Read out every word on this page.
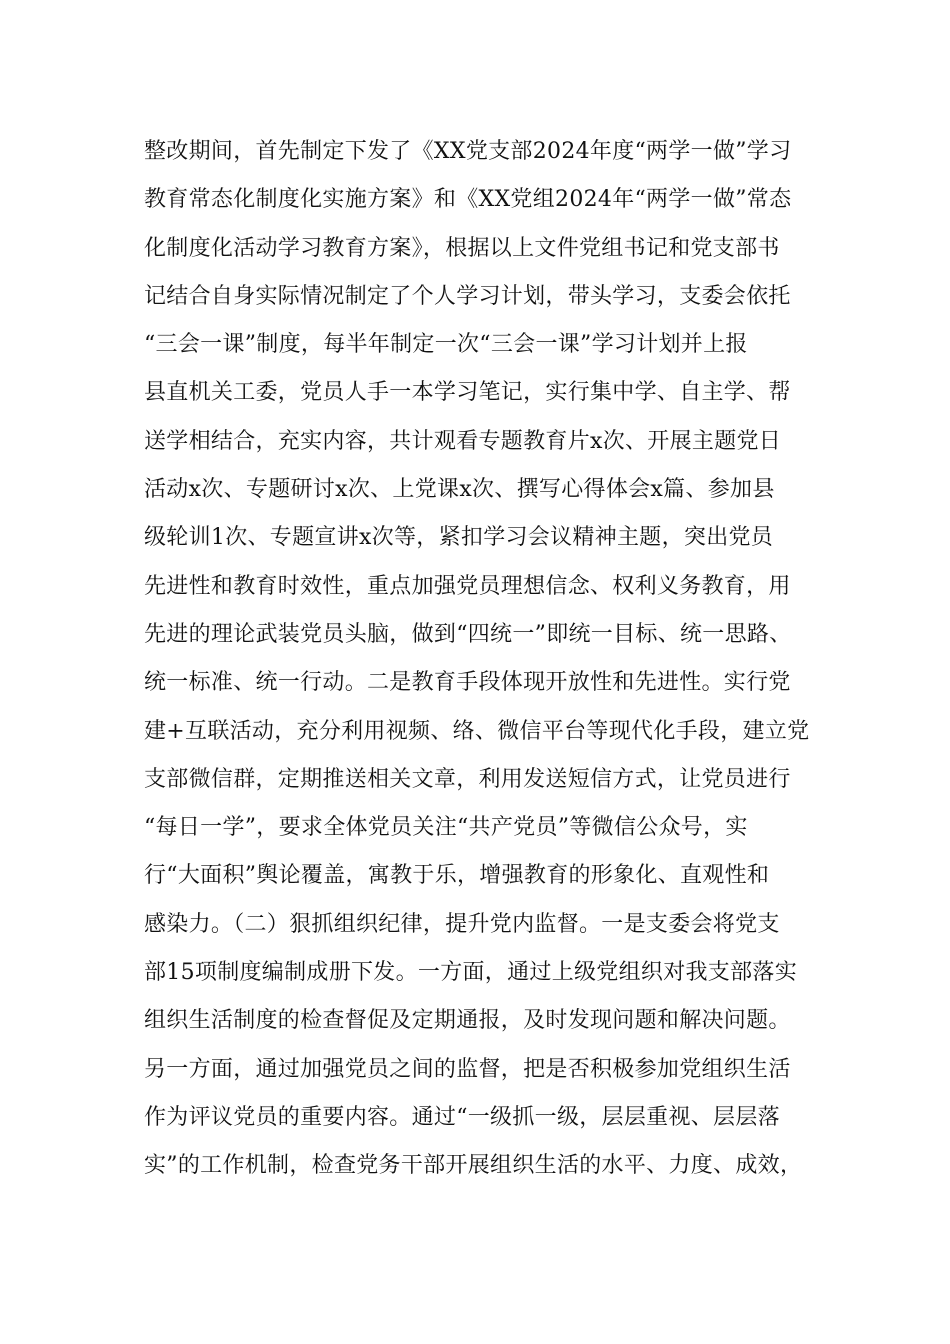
整改期间，首先制定下发了《XX党支部2024年度“两学一做”学习
教育常态化制度化实施方案》和《XX党组2024年“两学一做”常态
化制度化活动学习教育方案》，根据以上文件党组书记和党支部书
记结合自身实际情况制定了个人学习计划，带头学习，支委会依托
“三会一课”制度，每半年制定一次“三会一课”学习计划并上报
县直机关工委，党员人手一本学习笔记，实行集中学、自主学、帮
送学相结合，充实内容，共计观看专题教育片x次、开展主题党日
活动x次、专题研讨x次、上党课x次、撰写心得体会x篇、参加县
级轮训1次、专题宣讲x次等，紧扣学习会议精神主题，突出党员
先进性和教育时效性，重点加强党员理想信念、权利义务教育，用
先进的理论武装党员头脑，做到“四统一”即统一目标、统一思路、
统一标准、统一行动。二是教育手段体现开放性和先进性。实行党
建+互联活动，充分利用视频、络、微信平台等现代化手段，建立党
支部微信群，定期推送相关文章，利用发送短信方式，让党员进行
“每日一学”，要求全体党员关注“共产党员”等微信公众号，实
行“大面积”舆论覆盖，寓教于乐，增强教育的形象化、直观性和
感染力。（二）狠抓组织纪律，提升党内监督。一是支委会将党支
部15项制度编制成册下发。一方面，通过上级党组织对我支部落实
组织生活制度的检查督促及定期通报，及时发现问题和解决问题。
另一方面，通过加强党员之间的监督，把是否积极参加党组织生活
作为评议党员的重要内容。通过“一级抓一级，层层重视、层层落
实”的工作机制，检查党务干部开展组织生活的水平、力度、成效，
